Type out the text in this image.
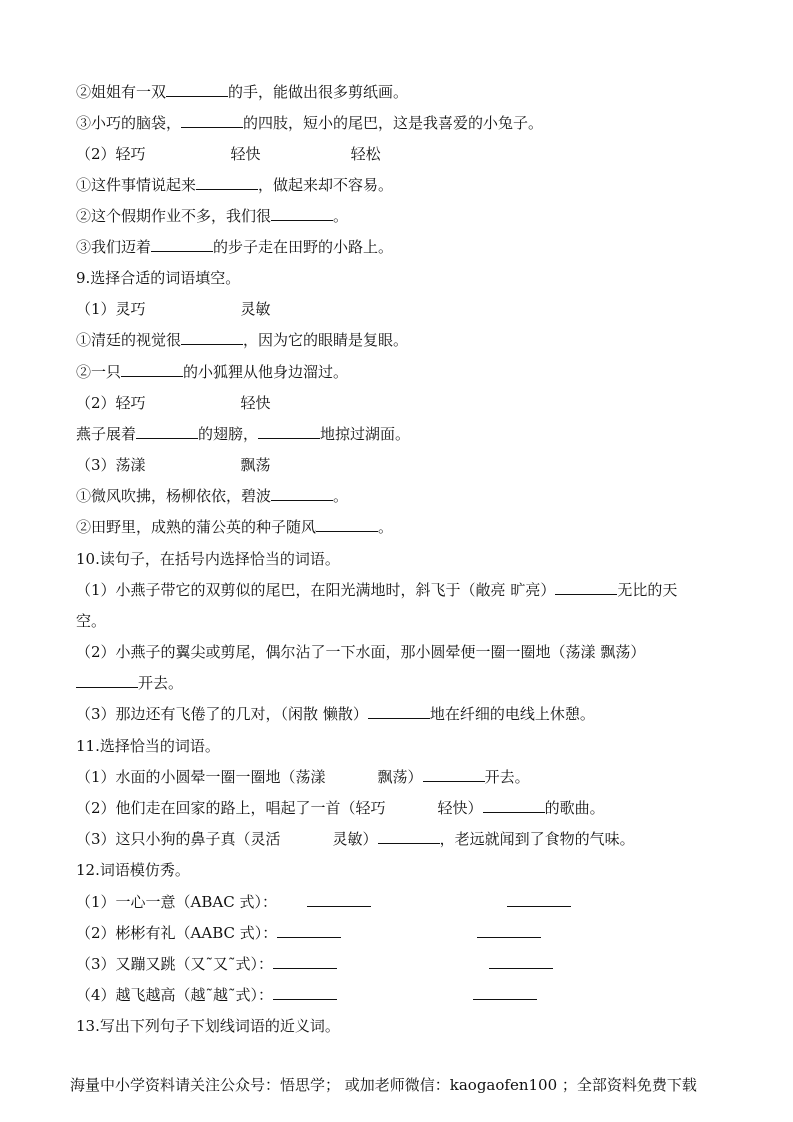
②姐姐有一双	的手，能做出很多剪纸画。
③小巧的脑袋，	的四肢，短小的尾巴，这是我喜爱的小兔子。
（2）轻巧	轻快	轻松
①这件事情说起来	，做起来却不容易。
②这个假期作业不多，我们很	。
③我们迈着	的步子走在田野的小路上。
9.选择合适的词语填空。
（1）灵巧	灵敏
①清廷的视觉很	，因为它的眼睛是复眼。
②一只	的小狐狸从他身边溜过。
（2）轻巧	轻快
燕子展着	的翅膀，	地掠过湖面。
（3）荡漾	飘荡
①微风吹拂，杨柳依依，碧波	。
②田野里，成熟的蒲公英的种子随风	。
10.读句子，在括号内选择恰当的词语。
（1）小燕子带它的双剪似的尾巴，在阳光满地时，斜飞于（敞亮 旷亮）	无比的天
空。
（2）小燕子的翼尖或剪尾，偶尔沾了一下水面，那小圆晕便一圈一圈地（荡漾 飘荡）
开去。
（3）那边还有飞倦了的几对，（闲散 懒散）	地在纤细的电线上休憩。
11.选择恰当的词语。
（1）水面的小圆晕一圈一圈地（荡漾	飘荡）	开去。
（2）他们走在回家的路上，唱起了一首（轻巧	轻快）	的歌曲。
（3）这只小狗的鼻子真（灵活	灵敏）	，老远就闻到了食物的气味。
12.词语模仿秀。
（1）一心一意（ABAC 式）：
（2）彬彬有礼（AABC 式）：
（3）又蹦又跳（又˜又˜式）：
（4）越飞越高（越˜越˜式）：
13.写出下列句子下划线词语的近义词。
海量中小学资料请关注公众号：悟思学； 或加老师微信：kaogaofen100 ；全部资料免费下载
